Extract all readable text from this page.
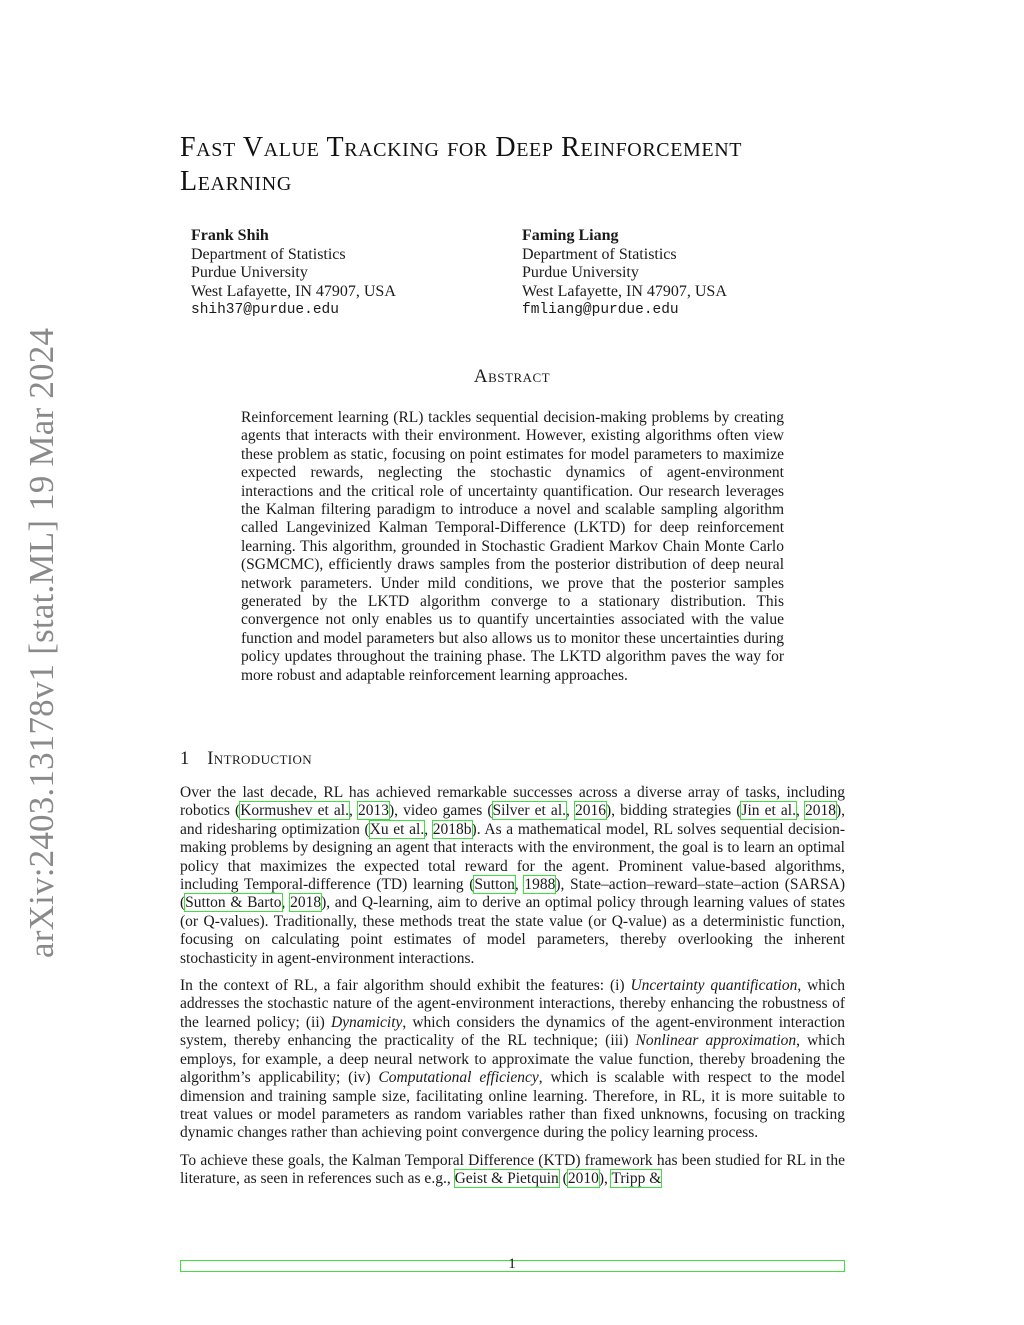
arXiv:2403.13178v1 [stat.ML] 19 Mar 2024
Fast Value Tracking for Deep Reinforcement Learning
Frank Shih
Department of Statistics
Purdue University
West Lafayette, IN 47907, USA
shih37@purdue.edu
Faming Liang
Department of Statistics
Purdue University
West Lafayette, IN 47907, USA
fmliang@purdue.edu
Abstract
Reinforcement learning (RL) tackles sequential decision-making problems by creating agents that interacts with their environment. However, existing algorithms often view these problem as static, focusing on point estimates for model parameters to maximize expected rewards, neglecting the stochastic dynamics of agent-environment interactions and the critical role of uncertainty quantification. Our research leverages the Kalman filtering paradigm to introduce a novel and scalable sampling algorithm called Langevinized Kalman Temporal-Difference (LKTD) for deep reinforcement learning. This algorithm, grounded in Stochastic Gradient Markov Chain Monte Carlo (SGMCMC), efficiently draws samples from the posterior distribution of deep neural network parameters. Under mild conditions, we prove that the posterior samples generated by the LKTD algorithm converge to a stationary distribution. This convergence not only enables us to quantify uncertainties associated with the value function and model parameters but also allows us to monitor these uncertainties during policy updates throughout the training phase. The LKTD algorithm paves the way for more robust and adaptable reinforcement learning approaches.
1 Introduction

Over the last decade, RL has achieved remarkable successes across a diverse array of tasks, including robotics (Kormushev et al., 2013), video games (Silver et al., 2016), bidding strategies (Jin et al., 2018), and ridesharing optimization (Xu et al., 2018b). As a mathematical model, RL solves sequential decision-making problems by designing an agent that interacts with the environment, the goal is to learn an optimal policy that maximizes the expected total reward for the agent. Prominent value-based algorithms, including Temporal-difference (TD) learning (Sutton, 1988), State–action–reward–state–action (SARSA) (Sutton & Barto, 2018), and Q-learning, aim to derive an optimal policy through learning values of states (or Q-values). Traditionally, these methods treat the state value (or Q-value) as a deterministic function, focusing on calculating point estimates of model parameters, thereby overlooking the inherent stochasticity in agent-environment interactions.

In the context of RL, a fair algorithm should exhibit the features: (i) Uncertainty quantification, which addresses the stochastic nature of the agent-environment interactions, thereby enhancing the robustness of the learned policy; (ii) Dynamicity, which considers the dynamics of the agent-environment interaction system, thereby enhancing the practicality of the RL technique; (iii) Nonlinear approximation, which employs, for example, a deep neural network to approximate the value function, thereby broadening the algorithm’s applicability; (iv) Computational efficiency, which is scalable with respect to the model dimension and training sample size, facilitating online learning. Therefore, in RL, it is more suitable to treat values or model parameters as random variables rather than fixed unknowns, focusing on tracking dynamic changes rather than achieving point convergence during the policy learning process.

To achieve these goals, the Kalman Temporal Difference (KTD) framework has been studied for RL in the literature, as seen in references such as e.g., Geist & Pietquin (2010), Tripp &

1
